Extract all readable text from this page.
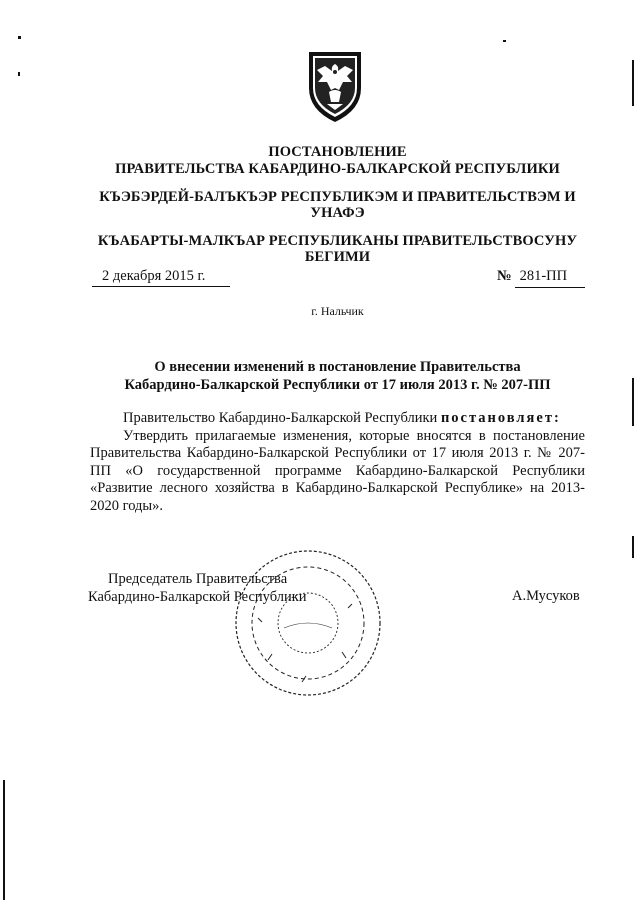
ПОСТАНОВЛЕНИЕ
ПРАВИТЕЛЬСТВА КАБАРДИНО-БАЛКАРСКОЙ РЕСПУБЛИКИ
КЪЭБЭРДЕЙ-БАЛЪКЪЭР РЕСПУБЛИКЭМ И ПРАВИТЕЛЬСТВЭМ И
УНАФЭ
КЪАБАРТЫ-МАЛКЪАР РЕСПУБЛИКАНЫ ПРАВИТЕЛЬСТВОСУНУ
БЕГИМИ
2 декабря 2015 г.	№ 281-ПП
г. Нальчик
О внесении изменений в постановление Правительства
Кабардино-Балкарской Республики от 17 июля 2013 г. № 207-ПП

Правительство Кабардино-Балкарской Республики постановляет:

Утвердить прилагаемые изменения, которые вносятся в постановление Правительства Кабардино-Балкарской Республики от 17 июля 2013 г. № 207-ПП «О государственной программе Кабардино-Балкарской Республики «Развитие лесного хозяйства в Кабардино-Балкарской Республике» на 2013-2020 годы».

Председатель Правительства
Кабардино-Балкарской Республики	А.Мусуков
